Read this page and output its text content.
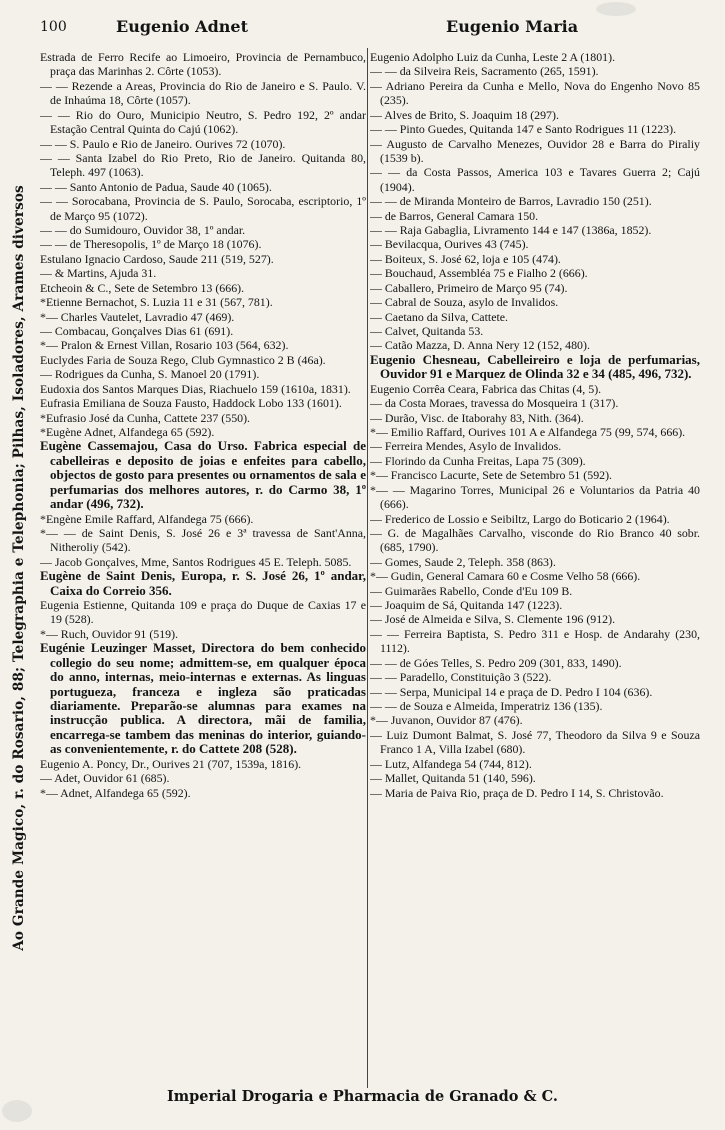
100	Eugenio Adnet	Eugenio Maria
Ao Grande Magico, r. do Rosario, 88; Telegraphia e Telephonia; Pilhas, Isoladores, Arames diversos

Estrada de Ferro Recife ao Limoeiro, Provincia de Pernambuco, praça das Marinhas 2. Côrte (1053).

— — Rezende a Areas, Provincia do Rio de Janeiro e S. Paulo. V. de Inhaúma 18, Côrte (1057).

— — Rio do Ouro, Municipio Neutro, S. Pedro 192, 2º andar Estação Central Quinta do Cajú (1062).

— — S. Paulo e Rio de Janeiro. Ourives 72 (1070).

— — Santa Izabel do Rio Preto, Rio de Janeiro. Quitanda 80, Teleph. 497 (1063).

— — Santo Antonio de Padua, Saude 40 (1065).

— — Sorocabana, Provincia de S. Paulo, Sorocaba, escriptorio, 1º de Março 95 (1072).

— — do Sumidouro, Ouvidor 38, 1º andar.

— — de Theresopolis, 1º de Março 18 (1076).

Estulano Ignacio Cardoso, Saude 211 (519, 527).

— & Martins, Ajuda 31.

Etcheoin & C., Sete de Setembro 13 (666).

*Etienne Bernachot, S. Luzia 11 e 31 (567, 781).

*— Charles Vautelet, Lavradio 47 (469).

— Combacau, Gonçalves Dias 61 (691).

*— Pralon & Ernest Villan, Rosario 103 (564, 632).

Euclydes Faria de Souza Rego, Club Gymnastico 2 B (46a).

— Rodrigues da Cunha, S. Manoel 20 (1791).

Eudoxia dos Santos Marques Dias, Riachuelo 159 (1610a, 1831).

Eufrasia Emiliana de Souza Fausto, Haddock Lobo 133 (1601).

*Eufrasio José da Cunha, Cattete 237 (550).

*Eugène Adnet, Alfandega 65 (592).

Eugène Cassemajou, Casa do Urso. Fabrica especial de cabelleiras e deposito de joias e enfeites para cabello, objectos de gosto para presentes ou ornamentos de sala e perfumarias dos melhores autores, r. do Carmo 38, 1º andar (496, 732).

*Engène Emile Raffard, Alfandega 75 (666).

*— — de Saint Denis, S. José 26 e 3ª travessa de Sant'Anna, Nitheroliy (542).

— Jacob Gonçalves, Mme, Santos Rodrigues 45 E. Teleph. 5085.

Eugène de Saint Denis, Europa, r. S. José 26, 1º andar, Caixa do Correio 356.

Eugenia Estienne, Quitanda 109 e praça do Duque de Caxias 17 e 19 (528).

*— Ruch, Ouvidor 91 (519).

Eugénie Leuzinger Masset, Directora do bem conhecido collegio do seu nome; admittem-se, em qualquer época do anno, internas, meio-internas e externas. As linguas portugueza, franceza e ingleza são praticadas diariamente. Preparão-se alumnas para exames na instrucção publica. A directora, mãi de familia, encarrega-se tambem das meninas do interior, guiando-as convenientemente, r. do Cattete 208 (528).

Eugenio A. Poncy, Dr., Ourives 21 (707, 1539a, 1816).

— Adet, Ouvidor 61 (685).

*— Adnet, Alfandega 65 (592).

Eugenio Adolpho Luiz da Cunha, Leste 2 A (1801).

— — da Silveira Reis, Sacramento (265, 1591).

— Adriano Pereira da Cunha e Mello, Nova do Engenho Novo 85 (235).

— Alves de Brito, S. Joaquim 18 (297).

— — Pinto Guedes, Quitanda 147 e Santo Rodrigues 11 (1223).

— Augusto de Carvalho Menezes, Ouvidor 28 e Barra do Piraliy (1539 b).

— — da Costa Passos, America 103 e Tavares Guerra 2; Cajú (1904).

— — de Miranda Monteiro de Barros, Lavradio 150 (251).

— de Barros, General Camara 150.

— — Raja Gabaglia, Livramento 144 e 147 (1386a, 1852).

— Bevilacqua, Ourives 43 (745).

— Boiteux, S. José 62, loja e 105 (474).

— Bouchaud, Assembléa 75 e Fialho 2 (666).

— Caballero, Primeiro de Março 95 (74).

— Cabral de Souza, asylo de Invalidos.

— Caetano da Silva, Cattete.

— Calvet, Quitanda 53.

— Catão Mazza, D. Anna Nery 12 (152, 480).

Eugenio Chesneau, Cabelleireiro e loja de perfumarias, Ouvidor 91 e Marquez de Olinda 32 e 34 (485, 496, 732).

Eugenio Corrêa Ceara, Fabrica das Chitas (4, 5).

— da Costa Moraes, travessa do Mosqueira 1 (317).

— Durão, Visc. de Itaborahy 83, Nith. (364).

*— Emilio Raffard, Ourives 101 A e Alfandega 75 (99, 574, 666).

— Ferreira Mendes, Asylo de Invalidos.

— Florindo da Cunha Freitas, Lapa 75 (309).

*— Francisco Lacurte, Sete de Setembro 51 (592).

*— — Magarino Torres, Municipal 26 e Voluntarios da Patria 40 (666).

— Frederico de Lossio e Seibiltz, Largo do Boticario 2 (1964).

— G. de Magalhães Carvalho, visconde do Rio Branco 40 sobr. (685, 1790).

— Gomes, Saude 2, Teleph. 358 (863).

*— Gudin, General Camara 60 e Cosme Velho 58 (666).

— Guimarães Rabello, Conde d'Eu 109 B.

— Joaquim de Sá, Quitanda 147 (1223).

— José de Almeida e Silva, S. Clemente 196 (912).

— — Ferreira Baptista, S. Pedro 311 e Hosp. de Andarahy (230, 1112).

— — de Góes Telles, S. Pedro 209 (301, 833, 1490).

— — Paradello, Constituição 3 (522).

— — Serpa, Municipal 14 e praça de D. Pedro I 104 (636).

— — de Souza e Almeida, Imperatriz 136 (135).

*— Juvanon, Ouvidor 87 (476).

— Luiz Dumont Balmat, S. José 77, Theodoro da Silva 9 e Souza Franco 1 A, Villa Izabel (680).

— Lutz, Alfandega 54 (744, 812).

— Mallet, Quitanda 51 (140, 596).

— Maria de Paiva Rio, praça de D. Pedro I 14, S. Christovão.

Imperial Drogaria e Pharmacia de Granado & C.
